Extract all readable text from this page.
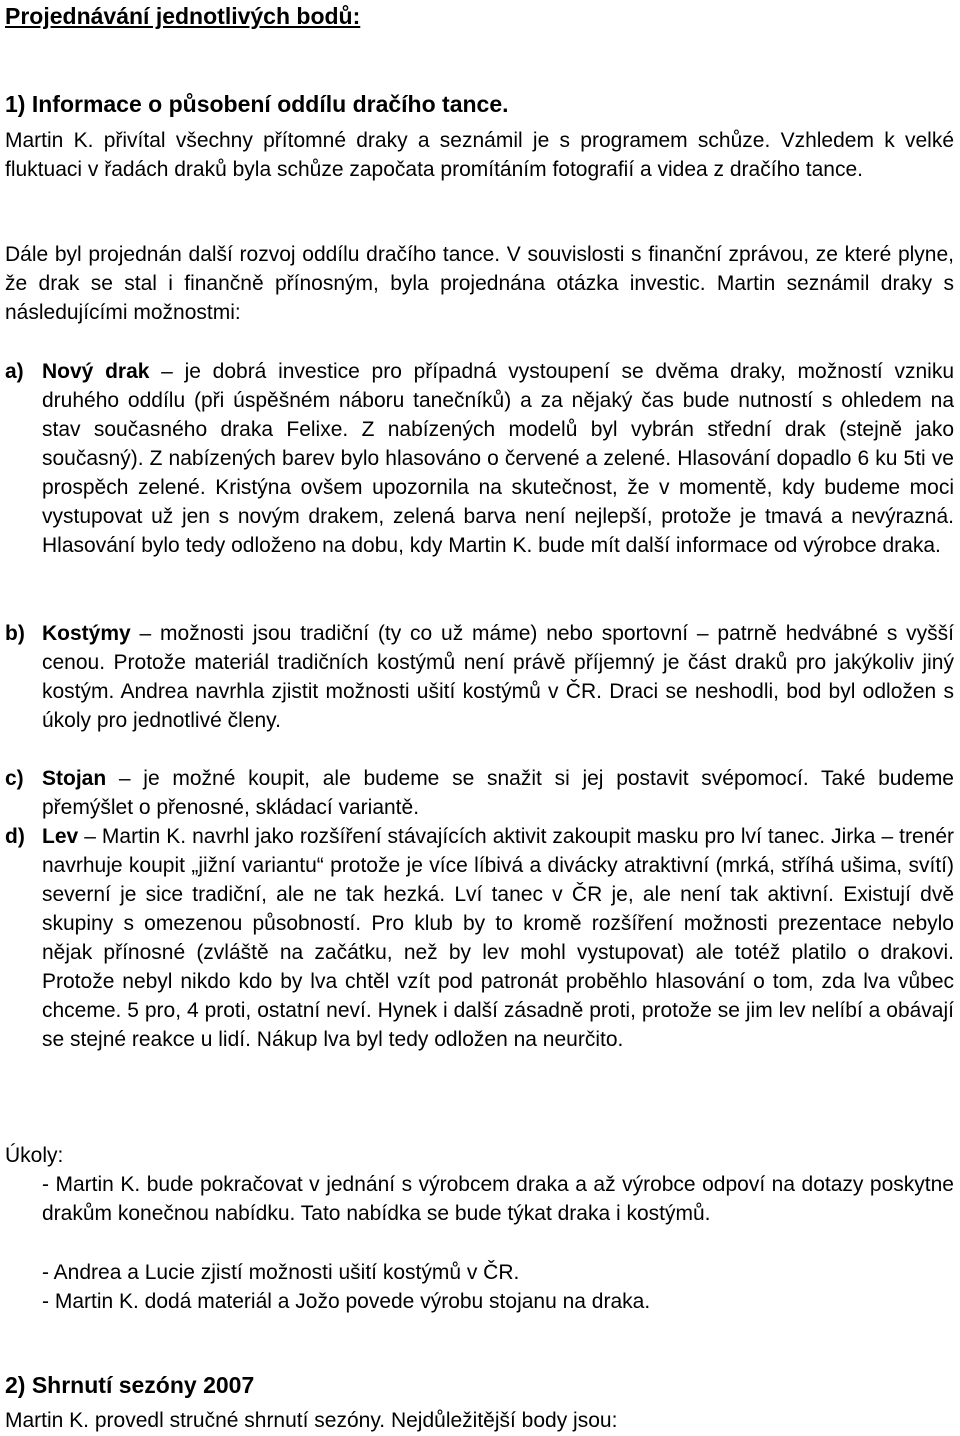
Projednávání jednotlivých bodů:
1) Informace o působení oddílu dračího tance.

Martin K. přivítal všechny přítomné draky a seznámil je s programem schůze. Vzhledem k velké fluktuaci v řadách draků byla schůze započata promítáním fotografií a videa z dračího tance.

Dále byl projednán další rozvoj oddílu dračího tance. V souvislosti s finanční zprávou, ze které plyne, že drak se stal i finančně přínosným, byla projednána otázka investic. Martin seznámil draky s následujícími možnostmi:

a) Nový drak – je dobrá investice pro případná vystoupení se dvěma draky, možností vzniku druhého oddílu (při úspěšném náboru tanečníků) a za nějaký čas bude nutností s ohledem na stav současného draka Felixe. Z nabízených modelů byl vybrán střední drak (stejně jako současný). Z nabízených barev bylo hlasováno o červené a zelené. Hlasování dopadlo 6 ku 5ti ve prospěch zelené. Kristýna ovšem upozornila na skutečnost, že v momentě, kdy budeme moci vystupovat už jen s novým drakem, zelená barva není nejlepší, protože je tmavá a nevýrazná. Hlasování bylo tedy odloženo na dobu, kdy Martin K. bude mít další informace od výrobce draka.

b) Kostýmy – možnosti jsou tradiční (ty co už máme) nebo sportovní – patrně hedvábné s vyšší cenou. Protože materiál tradičních kostýmů není právě příjemný je část draků pro jakýkoliv jiný kostým. Andrea navrhla zjistit možnosti ušití kostýmů v ČR. Draci se neshodli, bod byl odložen s úkoly pro jednotlivé členy.

c) Stojan – je možné koupit, ale budeme se snažit si jej postavit svépomocí. Také budeme přemýšlet o přenosné, skládací variantě.

d) Lev – Martin K. navrhl jako rozšíření stávajících aktivit zakoupit masku pro lví tanec. Jirka – trenér navrhuje koupit „jižní variantu“ protože je více líbivá a divácky atraktivní (mrká, stříhá ušima, svítí) severní je sice tradiční, ale ne tak hezká. Lví tanec v ČR je, ale není tak aktivní. Existují dvě skupiny s omezenou působností. Pro klub by to kromě rozšíření možnosti prezentace nebylo nějak přínosné (zvláště na začátku, než by lev mohl vystupovat) ale totéž platilo o drakovi. Protože nebyl nikdo kdo by lva chtěl vzít pod patronát proběhlo hlasování o tom, zda lva vůbec chceme. 5 pro, 4 proti, ostatní neví. Hynek i další zásadně proti, protože se jim lev nelíbí a obávají se stejné reakce u lidí. Nákup lva byl tedy odložen na neurčito.

Úkoly:

- Martin K. bude pokračovat v jednání s výrobcem draka a až výrobce odpoví na dotazy poskytne drakům konečnou nabídku. Tato nabídka se bude týkat draka i kostýmů.

- Andrea a Lucie zjistí možnosti ušití kostýmů v ČR.

- Martin K. dodá materiál a Jožo povede výrobu stojanu na draka.

2) Shrnutí sezóny 2007

Martin K. provedl stručné shrnutí sezóny. Nejdůležitější body jsou:
